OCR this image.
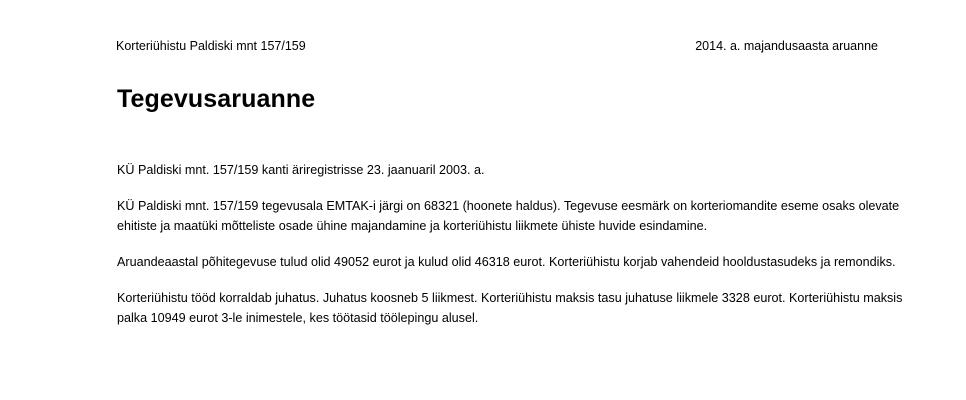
Korteriühistu Paldiski mnt 157/159	2014. a. majandusaasta aruanne
Tegevusaruanne

KÜ Paldiski mnt. 157/159 kanti äriregistrisse 23. jaanuaril 2003. a.

KÜ Paldiski mnt. 157/159 tegevusala EMTAK-i järgi on 68321 (hoonete haldus). Tegevuse eesmärk on korteriomandite eseme osaks olevate ehitiste ja maatüki mõtteliste osade ühine majandamine ja korteriühistu liikmete ühiste huvide esindamine.

Aruandeaastal põhitegevuse tulud olid 49052 eurot ja kulud olid 46318 eurot. Korteriühistu korjab vahendeid hooldustasudeks ja remondiks.

Korteriühistu tööd korraldab juhatus. Juhatus koosneb 5 liikmest. Korteriühistu maksis tasu juhatuse liikmele 3328 eurot. Korteriühistu maksis palka 10949 eurot 3-le inimestele, kes töötasid töölepingu alusel.
